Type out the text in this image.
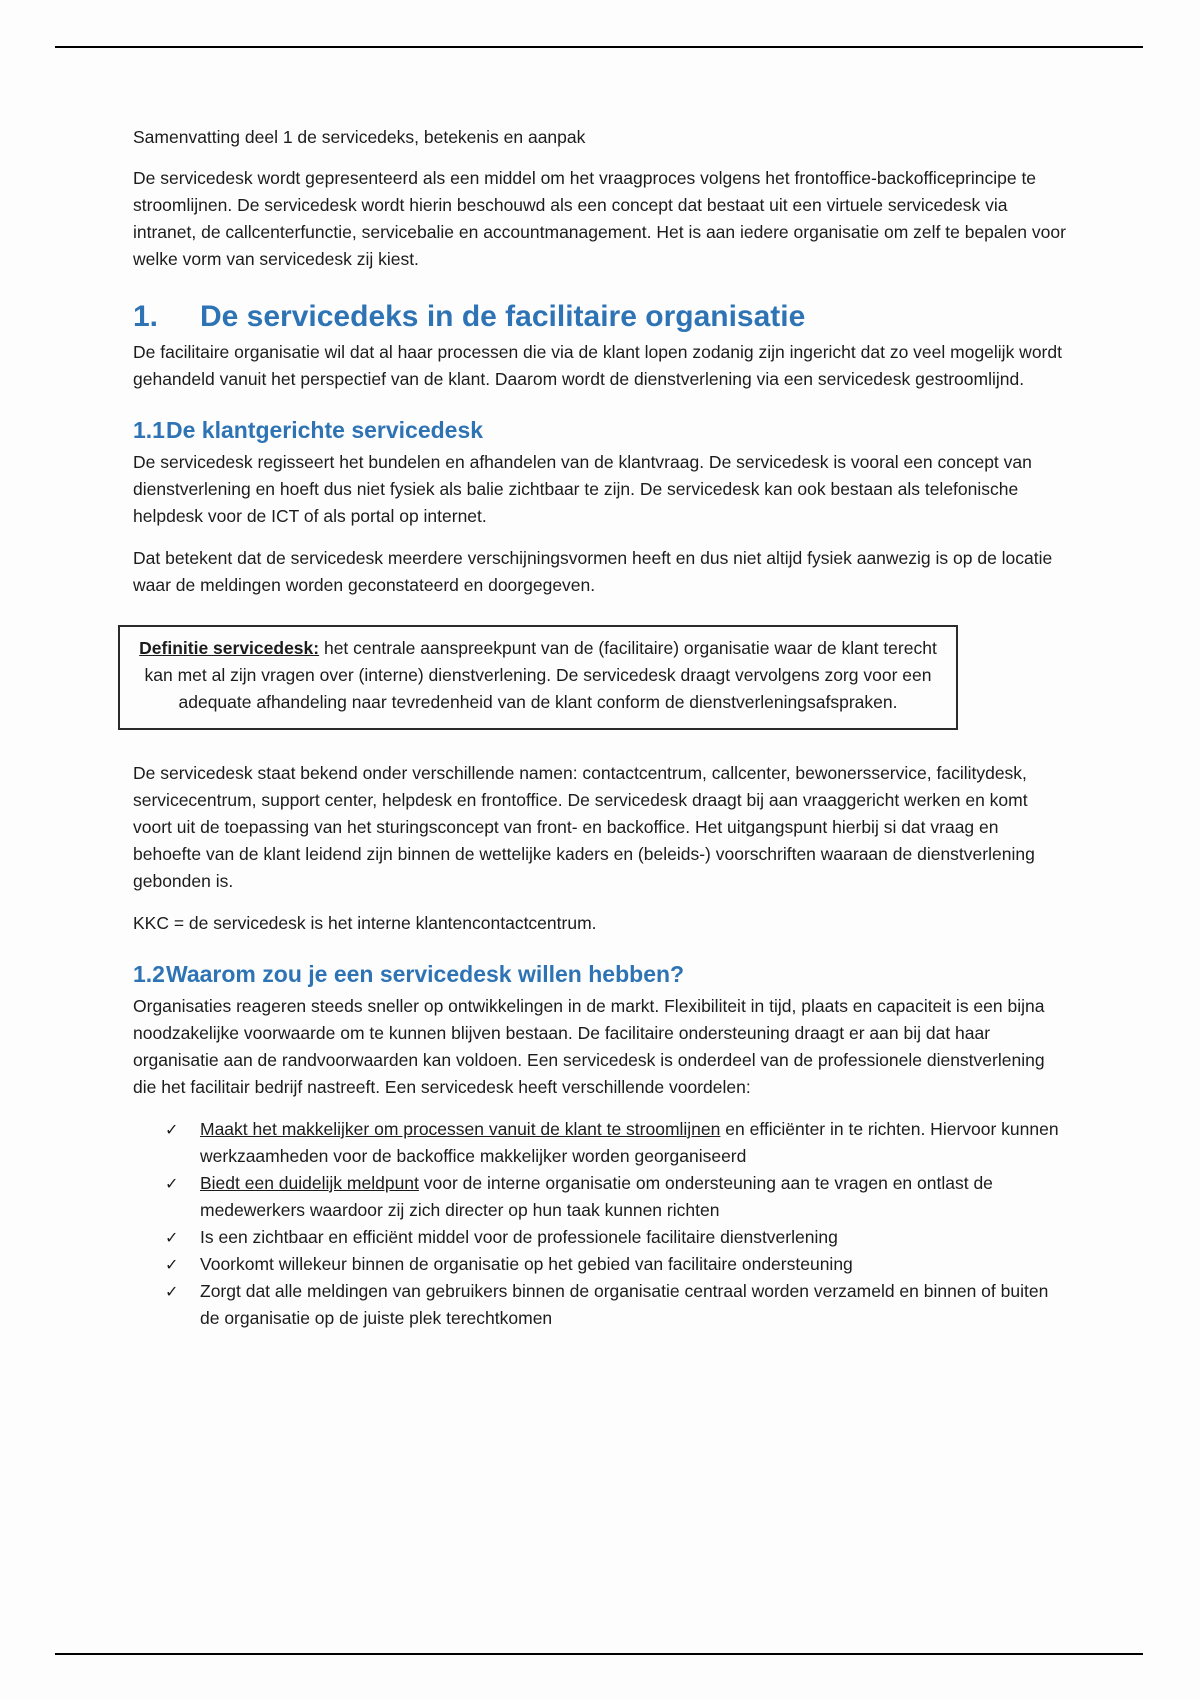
Samenvatting deel 1 de servicedeks, betekenis en aanpak

De servicedesk wordt gepresenteerd als een middel om het vraagproces volgens het frontoffice-backofficeprincipe te stroomlijnen. De servicedesk wordt hierin beschouwd als een concept dat bestaat uit een virtuele servicedesk via intranet, de callcenterfunctie, servicebalie en accountmanagement. Het is aan iedere organisatie om zelf te bepalen voor welke vorm van servicedesk zij kiest.

1. De servicedeks in de facilitaire organisatie

De facilitaire organisatie wil dat al haar processen die via de klant lopen zodanig zijn ingericht dat zo veel mogelijk wordt gehandeld vanuit het perspectief van de klant. Daarom wordt de dienstverlening via een servicedesk gestroomlijnd.

1.1De klantgerichte servicedesk

De servicedesk regisseert het bundelen en afhandelen van de klantvraag. De servicedesk is vooral een concept van dienstverlening en hoeft dus niet fysiek als balie zichtbaar te zijn. De servicedesk kan ook bestaan als telefonische helpdesk voor de ICT of als portal op internet.

Dat betekent dat de servicedesk meerdere verschijningsvormen heeft en dus niet altijd fysiek aanwezig is op de locatie waar de meldingen worden geconstateerd en doorgegeven.

Definitie servicedesk: het centrale aanspreekpunt van de (facilitaire) organisatie waar de klant terecht kan met al zijn vragen over (interne) dienstverlening. De servicedesk draagt vervolgens zorg voor een adequate afhandeling naar tevredenheid van de klant conform de dienstverleningsafspraken.

De servicedesk staat bekend onder verschillende namen: contactcentrum, callcenter, bewonersservice, facilitydesk, servicecentrum, support center, helpdesk en frontoffice. De servicedesk draagt bij aan vraaggericht werken en komt voort uit de toepassing van het sturingsconcept van front- en backoffice. Het uitgangspunt hierbij si dat vraag en behoefte van de klant leidend zijn binnen de wettelijke kaders en (beleids-) voorschriften waaraan de dienstverlening gebonden is.

KKC = de servicedesk is het interne klantencontactcentrum.

1.2Waarom zou je een servicedesk willen hebben?

Organisaties reageren steeds sneller op ontwikkelingen in de markt. Flexibiliteit in tijd, plaats en capaciteit is een bijna noodzakelijke voorwaarde om te kunnen blijven bestaan. De facilitaire ondersteuning draagt er aan bij dat haar organisatie aan de randvoorwaarden kan voldoen. Een servicedesk is onderdeel van de professionele dienstverlening die het facilitair bedrijf nastreeft. Een servicedesk heeft verschillende voordelen:

✓	Maakt het makkelijker om processen vanuit de klant te stroomlijnen en efficiënter in te richten. Hiervoor kunnen werkzaamheden voor de backoffice makkelijker worden georganiseerd
✓	Biedt een duidelijk meldpunt voor de interne organisatie om ondersteuning aan te vragen en ontlast de medewerkers waardoor zij zich directer op hun taak kunnen richten
✓	Is een zichtbaar en efficiënt middel voor de professionele facilitaire dienstverlening
✓	Voorkomt willekeur binnen de organisatie op het gebied van facilitaire ondersteuning
✓	Zorgt dat alle meldingen van gebruikers binnen de organisatie centraal worden verzameld en binnen of buiten de organisatie op de juiste plek terechtkomen
